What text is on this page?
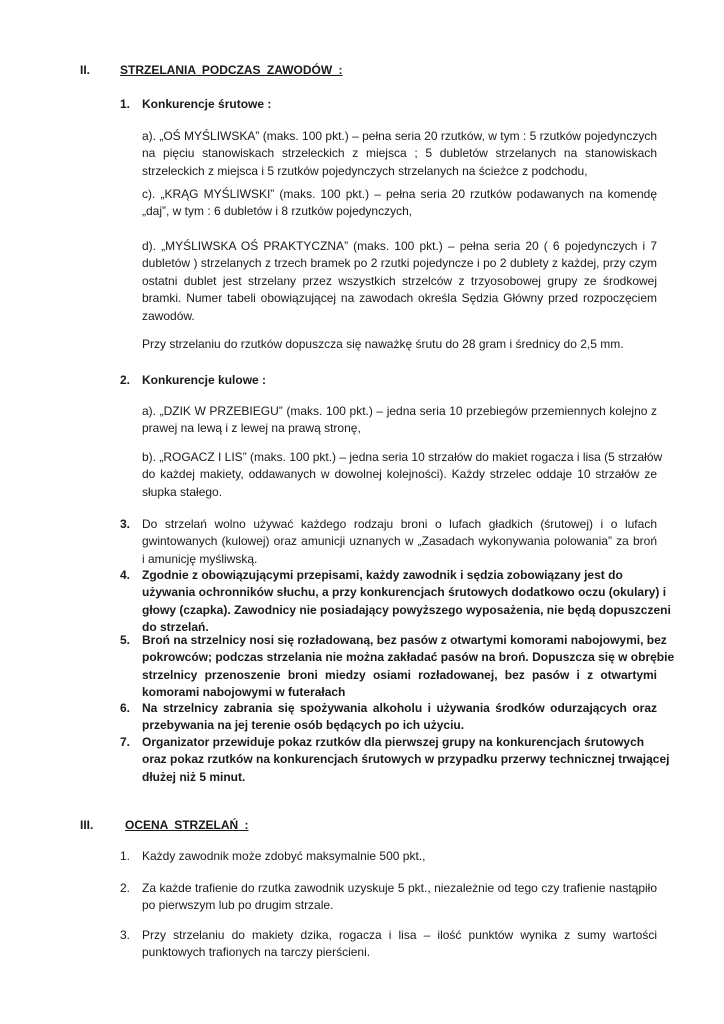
II. STRZELANIA PODCZAS ZAWODÓW :
1. Konkurencje śrutowe :
a). „OŚ MYŚLIWSKA” (maks. 100 pkt.) – pełna seria 20 rzutków, w tym : 5 rzutków pojedynczych
na pięciu stanowiskach strzeleckich z miejsca ; 5 dubletów strzelanych na stanowiskach
strzeleckich z miejsca i 5 rzutków pojedynczych strzelanych na ścieżce z podchodu,
c). „KRĄG MYŚLIWSKI” (maks. 100 pkt.) – pełna seria 20 rzutków podawanych na komendę
„daj”, w tym : 6 dubletów i 8 rzutków pojedynczych,
d). „MYŚLIWSKA OŚ PRAKTYCZNA” (maks. 100 pkt.) – pełna seria 20 ( 6 pojedynczych i 7
dubletów ) strzelanych z trzech bramek po 2 rzutki pojedyncze i po 2 dublety z każdej, przy czym
ostatni dublet jest strzelany przez wszystkich strzelców z trzyosobowej grupy ze środkowej
bramki. Numer tabeli obowiązującej na zawodach określa Sędzia Główny przed rozpoczęciem
zawodów.
Przy strzelaniu do rzutków dopuszcza się naważkę śrutu do 28 gram i średnicy do 2,5 mm.
2. Konkurencje kulowe :
a). „DZIK W PRZEBIEGU” (maks. 100 pkt.) – jedna seria 10 przebiegów przemiennych kolejno z
prawej na lewą i z lewej na prawą stronę,
b). „ROGACZ I LIS” (maks. 100 pkt.) – jedna seria 10 strzałów do makiet rogacza i lisa (5 strzałów
do każdej makiety, oddawanych w dowolnej kolejności). Każdy strzelec oddaje 10 strzałów ze
słupka stałego.
3. Do strzelań wolno używać każdego rodzaju broni o lufach gładkich (śrutowej) i o lufach
gwintowanych (kulowej) oraz amunicji uznanych w „Zasadach wykonywania polowania” za broń
i amunicję myśliwską.
4. Zgodnie z obowiązującymi przepisami, każdy zawodnik i sędzia zobowiązany jest do
używania ochronników słuchu, a przy konkurencjach śrutowych dodatkowo oczu (okulary) i
głowy (czapka). Zawodnicy nie posiadający powyższego wyposażenia, nie będą dopuszczeni
do strzelań.
5. Broń na strzelnicy nosi się rozładowaną, bez pasów z otwartymi komorami nabojowymi, bez
pokrowców; podczas strzelania nie można zakładać pasów na broń. Dopuszcza się w obrębie
strzelnicy przenoszenie broni miedzy osiami rozładowanej, bez pasów i z otwartymi
komorami nabojowymi w futerałach
6. Na strzelnicy zabrania się spożywania alkoholu i używania środków odurzających oraz
przebywania na jej terenie osób będących po ich użyciu.
7. Organizator przewiduje pokaz rzutków dla pierwszej grupy na konkurencjach śrutowych
oraz pokaz rzutków na konkurencjach śrutowych w przypadku przerwy technicznej trwającej
dłużej niż 5 minut.
III.	OCENA STRZELAŃ :
1. Każdy zawodnik może zdobyć maksymalnie 500 pkt.,
2. Za każde trafienie do rzutka zawodnik uzyskuje 5 pkt., niezależnie od tego czy trafienie nastąpiło
po pierwszym lub po drugim strzale.
3. Przy strzelaniu do makiety dzika, rogacza i lisa – ilość punktów wynika z sumy wartości
punktowych trafionych na tarczy pierścieni.
